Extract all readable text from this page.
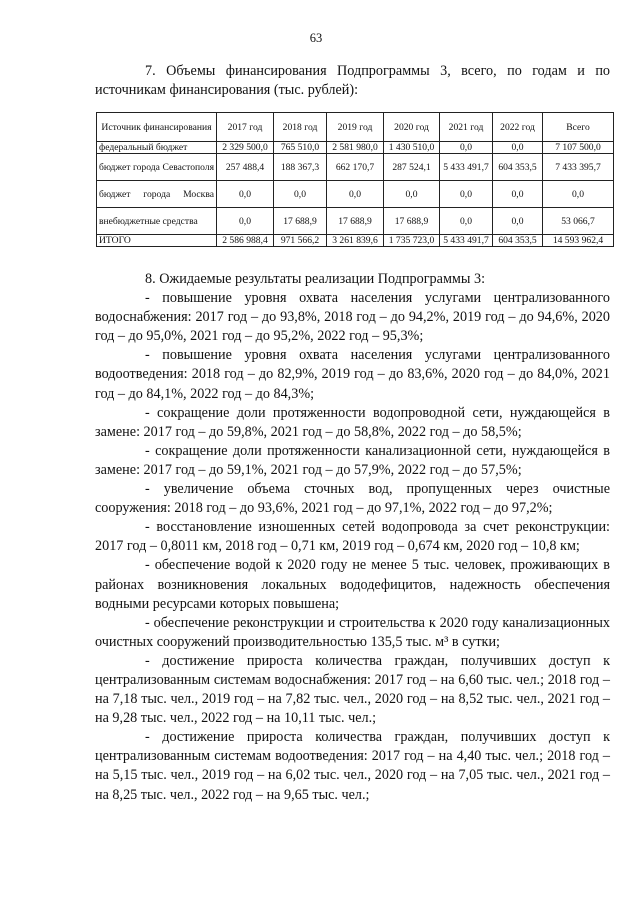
63

7. Объемы финансирования Подпрограммы 3, всего, по годам и по источникам финансирования (тыс. рублей):

Источник финансирования	2017 год	2018 год	2019 год	2020 год	2021 год	2022 год	Всего
федеральный бюджет	2 329 500,0	765 510,0	2 581 980,0	1 430 510,0	0,0	0,0	7 107 500,0
бюджет города Севастополя	257 488,4	188 367,3	662 170,7	287 524,1	5 433 491,7	604 353,5	7 433 395,7
бюджет города Москва	0,0	0,0	0,0	0,0	0,0	0,0	0,0
внебюджетные средства	0,0	17 688,9	17 688,9	17 688,9	0,0	0,0	53 066,7
ИТОГО	2 586 988,4	971 566,2	3 261 839,6	1 735 723,0	5 433 491,7	604 353,5	14 593 962,4

8. Ожидаемые результаты реализации Подпрограммы 3:

- повышение уровня охвата населения услугами централизованного водоснабжения: 2017 год – до 93,8%, 2018 год – до 94,2%, 2019 год – до 94,6%, 2020 год – до 95,0%, 2021 год – до 95,2%, 2022 год – 95,3%;

- повышение уровня охвата населения услугами централизованного водоотведения: 2018 год – до 82,9%, 2019 год – до 83,6%, 2020 год – до 84,0%, 2021 год – до 84,1%, 2022 год – до 84,3%;

- сокращение доли протяженности водопроводной сети, нуждающейся в замене: 2017 год – до 59,8%, 2021 год – до 58,8%, 2022 год – до 58,5%;

- сокращение доли протяженности канализационной сети, нуждающейся в замене: 2017 год – до 59,1%, 2021 год – до 57,9%, 2022 год – до 57,5%;

- увеличение объема сточных вод, пропущенных через очистные сооружения: 2018 год – до 93,6%, 2021 год – до 97,1%, 2022 год – до 97,2%;

- восстановление изношенных сетей водопровода за счет реконструкции: 2017 год – 0,8011 км, 2018 год – 0,71 км, 2019 год – 0,674 км, 2020 год – 10,8 км;

- обеспечение водой к 2020 году не менее 5 тыс. человек, проживающих в районах возникновения локальных вододефицитов, надежность обеспечения водными ресурсами которых повышена;

- обеспечение реконструкции и строительства к 2020 году канализационных очистных сооружений производительностью 135,5 тыс. м³ в сутки;

- достижение прироста количества граждан, получивших доступ к централизованным системам водоснабжения: 2017 год – на 6,60 тыс. чел.; 2018 год – на 7,18 тыс. чел., 2019 год – на 7,82 тыс. чел., 2020 год – на 8,52 тыс. чел., 2021 год – на 9,28 тыс. чел., 2022 год – на 10,11 тыс. чел.;

- достижение прироста количества граждан, получивших доступ к централизованным системам водоотведения: 2017 год – на 4,40 тыс. чел.; 2018 год – на 5,15 тыс. чел., 2019 год – на 6,02 тыс. чел., 2020 год – на 7,05 тыс. чел., 2021 год – на 8,25 тыс. чел., 2022 год – на 9,65 тыс. чел.;
